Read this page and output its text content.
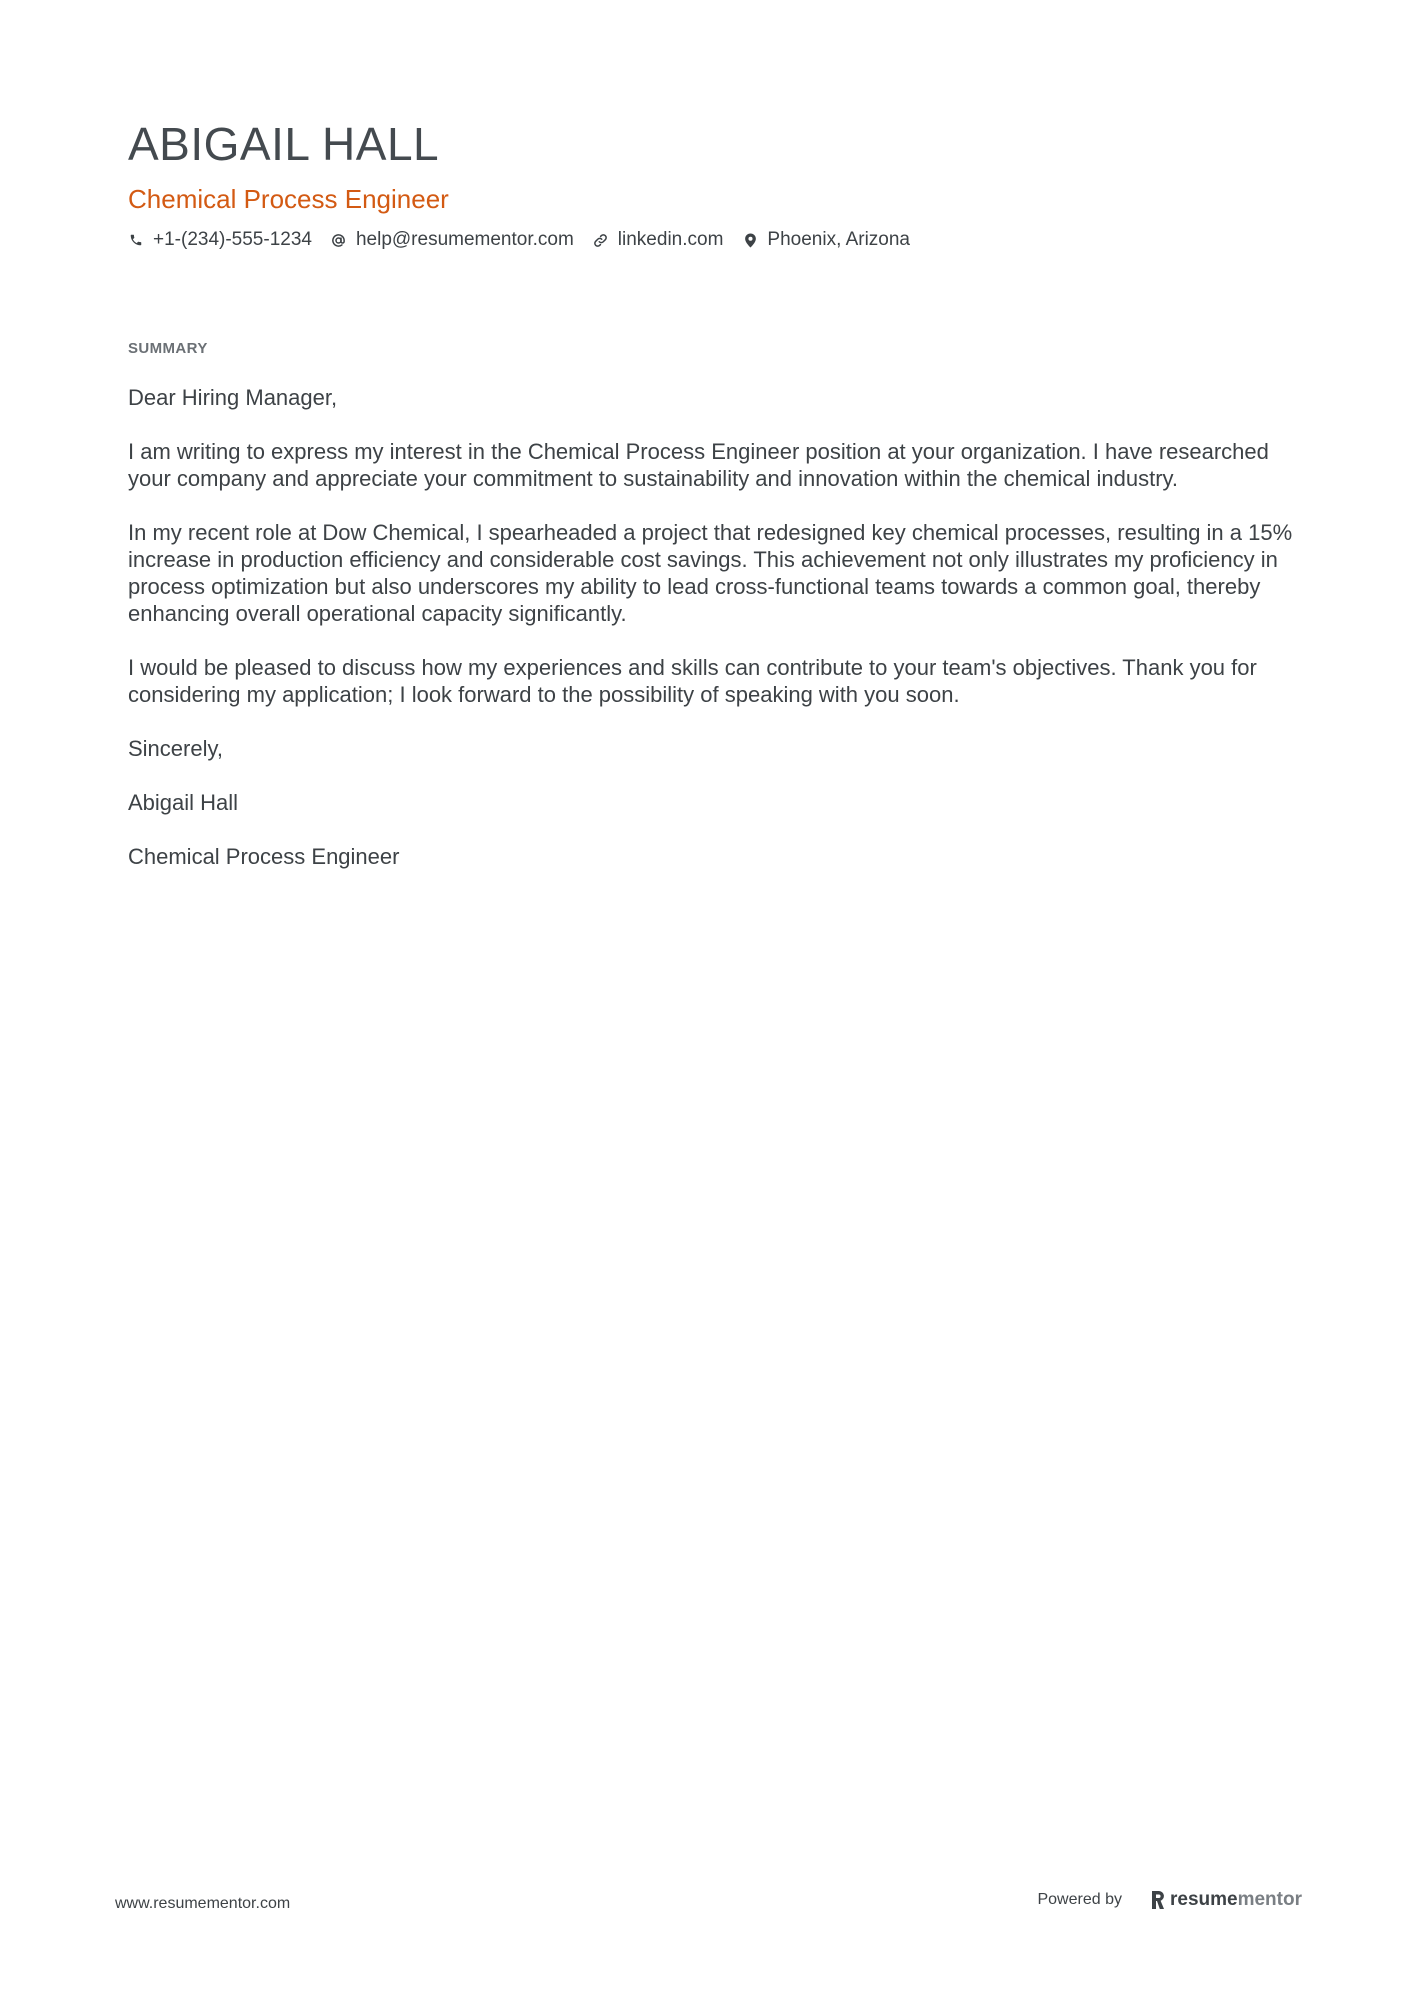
ABIGAIL HALL
Chemical Process Engineer
+1-(234)-555-1234 help@resumementor.com linkedin.com Phoenix, Arizona
SUMMARY

Dear Hiring Manager,

I am writing to express my interest in the Chemical Process Engineer position at your organization. I have researched your company and appreciate your commitment to sustainability and innovation within the chemical industry.

In my recent role at Dow Chemical, I spearheaded a project that redesigned key chemical processes, resulting in a 15% increase in production efficiency and considerable cost savings. This achievement not only illustrates my proficiency in process optimization but also underscores my ability to lead cross-functional teams towards a common goal, thereby enhancing overall operational capacity significantly.

I would be pleased to discuss how my experiences and skills can contribute to your team's objectives. Thank you for considering my application; I look forward to the possibility of speaking with you soon.

Sincerely,

Abigail Hall

Chemical Process Engineer

www.resumementor.com	Powered by	resume mentor
